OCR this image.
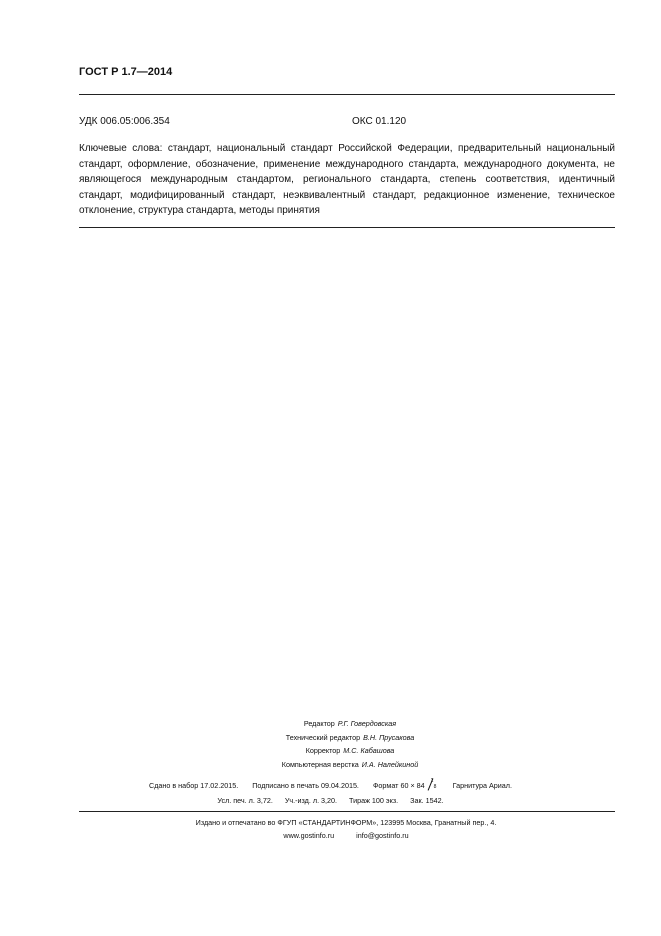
ГОСТ Р 1.7—2014
УДК 006.05:006.354	ОКС 01.120
Ключевые слова: стандарт, национальный стандарт Российской Федерации, предварительный национальный стандарт, оформление, обозначение, применение международного стандарта, международного документа, не являющегося международным стандартом, регионального стандарта, степень соответствия, идентичный стандарт, модифицированный стандарт, неэквивалентный стандарт, редакционное изменение, техническое отклонение, структура стандарта, методы принятия
Редактор Р.Г. Говердовская
Технический редактор В.Н. Прусакова
Корректор М.С. Кабашова
Компьютерная верстка И.А. Налейкиной
Сдано в набор 17.02.2015. Подписано в печать 09.04.2015. Формат 60 × 84 8 Гарнитура Ариал.
Усл. печ. л. 3,72. Уч.-изд. л. 3,20. Тираж 100 экз. Зак. 1542.
Издано и отпечатано во ФГУП «СТАНДАРТИНФОРМ», 123995 Москва, Гранатный пер., 4.
www.gostinfo.ru	info@gostinfo.ru
